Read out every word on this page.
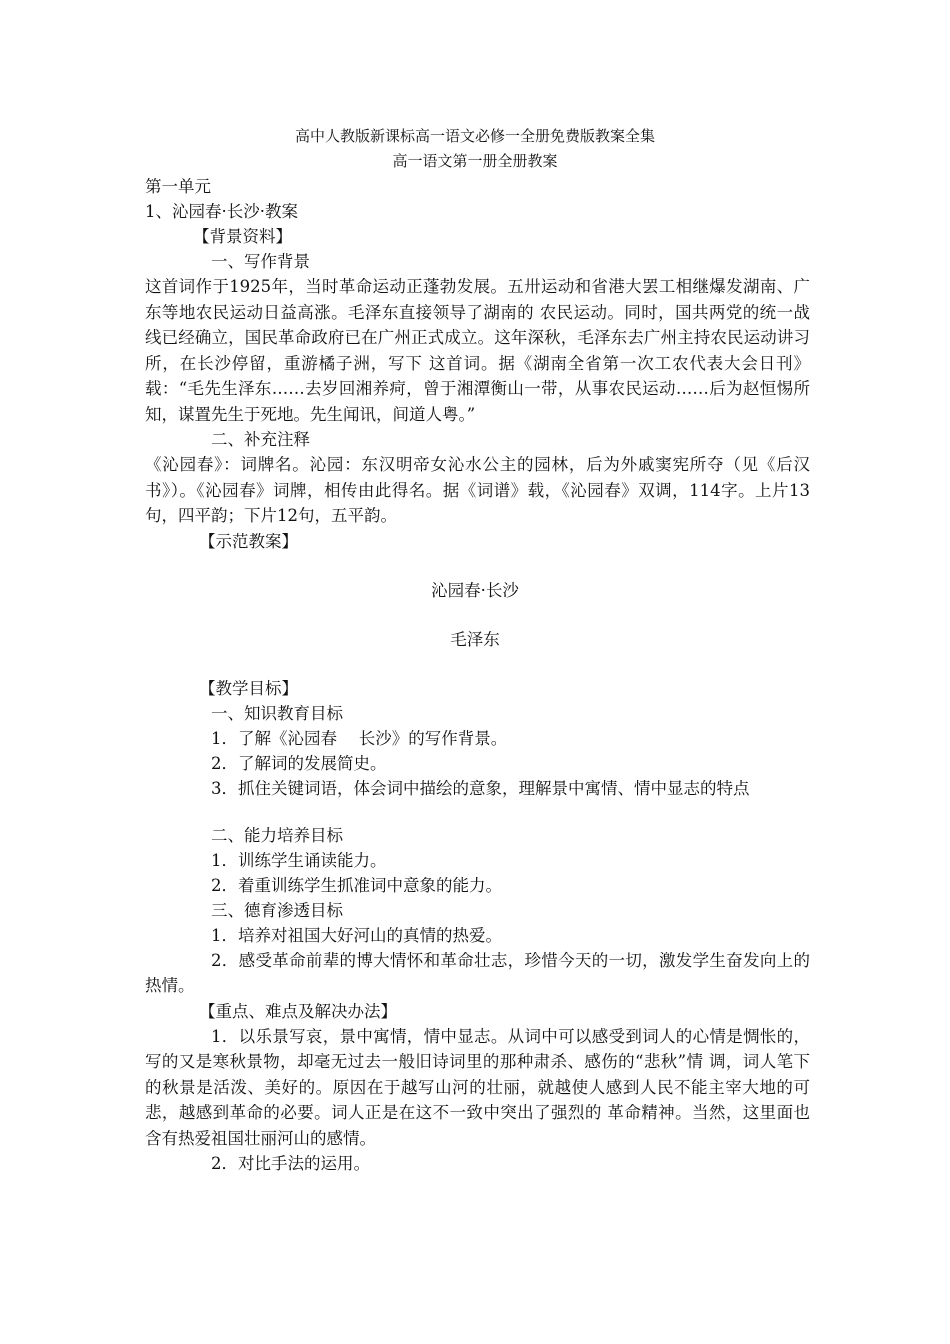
高中人教版新课标高一语文必修一全册免费版教案全集
高一语文第一册全册教案
第一单元
1、沁园春·长沙·教案
【背景资料】
一、写作背景

这首词作于1925年，当时革命运动正蓬勃发展。五卅运动和省港大罢工相继爆发湖南、广东等地农民运动日益高涨。毛泽东直接领导了湖南的 农民运动。同时，国共两党的统一战线已经确立，国民革命政府已在广州正式成立。这年深秋，毛泽东去广州主持农民运动讲习所，在长沙停留，重游橘子洲，写下 这首词。据《湖南全省第一次工农代表大会日刊》载：“毛先生泽东……去岁回湘养疴，曾于湘潭衡山一带，从事农民运动……后为赵恒惕所知，谋置先生于死地。先生闻讯，间道人粤。”

二、补充注释

《沁园春》：词牌名。沁园：东汉明帝女沁水公主的园林，后为外戚窦宪所夺（见《后汉书》）。《沁园春》词牌，相传由此得名。据《词谱》载，《沁园春》双调，114字。上片13句，四平韵；下片12句，五平韵。

【示范教案】
沁园春·长沙
毛泽东
【教学目标】
一、知识教育目标
1．了解《沁园春　 长沙》的写作背景。
2．了解词的发展简史。
3．抓住关键词语，体会词中描绘的意象，理解景中寓情、情中显志的特点
二、能力培养目标
1．训练学生诵读能力。
2．着重训练学生抓准词中意象的能力。
三、德育渗透目标
1．培养对祖国大好河山的真情的热爱。

2．感受革命前辈的博大情怀和革命壮志，珍惜今天的一切，激发学生奋发向上的热情。

【重点、难点及解决办法】

1．以乐景写哀，景中寓情，情中显志。从词中可以感受到词人的心情是惆怅的，写的又是寒秋景物，却毫无过去一般旧诗词里的那种肃杀、感伤的“悲秋”情 调，词人笔下的秋景是活泼、美好的。原因在于越写山河的壮丽，就越使人感到人民不能主宰大地的可悲，越感到革命的必要。词人正是在这不一致中突出了强烈的 革命精神。当然，这里面也含有热爱祖国壮丽河山的感情。

2．对比手法的运用。
